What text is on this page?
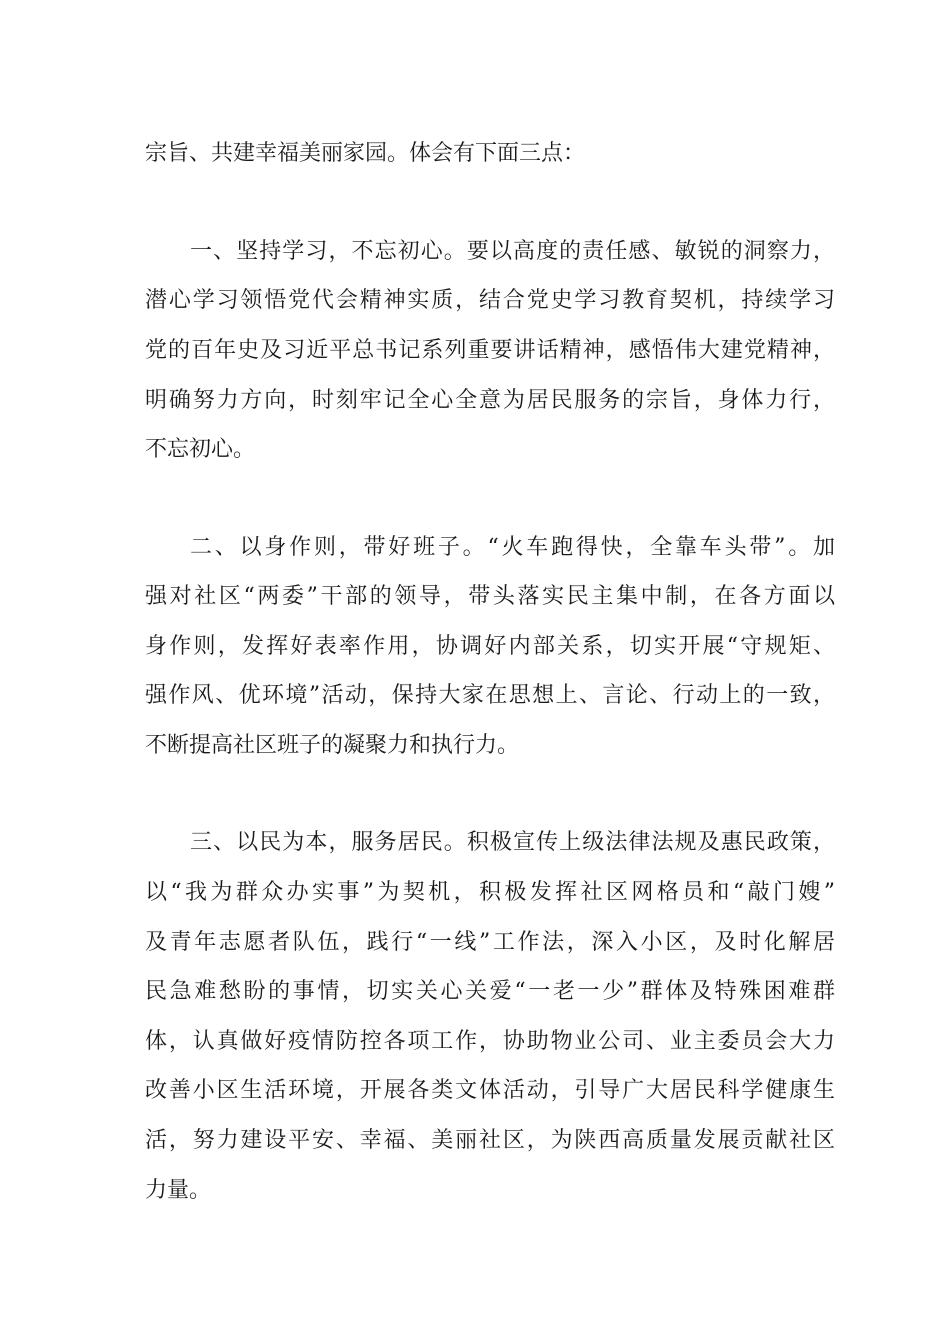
宗旨、共建幸福美丽家园。体会有下面三点：
一、坚持学习，不忘初心。要以高度的责任感、敏锐的洞察力，
潜心学习领悟党代会精神实质，结合党史学习教育契机，持续学习
党的百年史及习近平总书记系列重要讲话精神，感悟伟大建党精神，
明确努力方向，时刻牢记全心全意为居民服务的宗旨，身体力行，
不忘初心。
二、以身作则，带好班子。“火车跑得快，全靠车头带”。加
强对社区“两委”干部的领导，带头落实民主集中制，在各方面以
身作则，发挥好表率作用，协调好内部关系，切实开展“守规矩、
强作风、优环境”活动，保持大家在思想上、言论、行动上的一致，
不断提高社区班子的凝聚力和执行力。
三、以民为本，服务居民。积极宣传上级法律法规及惠民政策，
以“我为群众办实事”为契机，积极发挥社区网格员和“敲门嫂”
及青年志愿者队伍，践行“一线”工作法，深入小区，及时化解居
民急难愁盼的事情，切实关心关爱“一老一少”群体及特殊困难群
体，认真做好疫情防控各项工作，协助物业公司、业主委员会大力
改善小区生活环境，开展各类文体活动，引导广大居民科学健康生
活，努力建设平安、幸福、美丽社区，为陕西高质量发展贡献社区
力量。
